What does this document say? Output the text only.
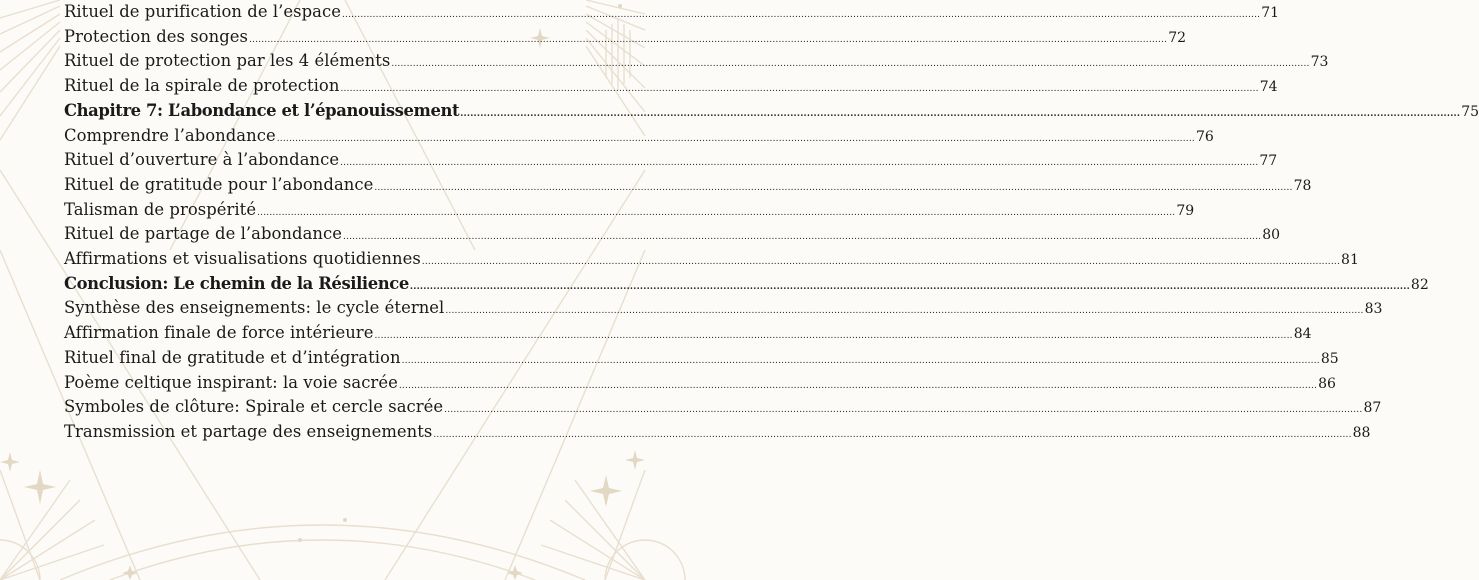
Rituel de purification de l’espace ............................................................................................................................................................................................................................................................................................................ 71
Protection des songes ............................................................................................................................................................................................................................................................................................................ 72
Rituel de protection par les 4 éléments ............................................................................................................................................................................................................................................................................................................ 73
Rituel de la spirale de protection ............................................................................................................................................................................................................................................................................................................ 74
Chapitre 7: L’abondance et l’épanouissement ............................................................................................................................................................................................................................................................................................................ 75
Comprendre l’abondance ............................................................................................................................................................................................................................................................................................................ 76
Rituel d’ouverture à l’abondance ............................................................................................................................................................................................................................................................................................................ 77
Rituel de gratitude pour l’abondance ............................................................................................................................................................................................................................................................................................................ 78
Talisman de prospérité ............................................................................................................................................................................................................................................................................................................ 79
Rituel de partage de l’abondance ............................................................................................................................................................................................................................................................................................................ 80
Affirmations et visualisations quotidiennes ............................................................................................................................................................................................................................................................................................................ 81
Conclusion: Le chemin de la Résilience ............................................................................................................................................................................................................................................................................................................ 82
Synthèse des enseignements: le cycle éternel ............................................................................................................................................................................................................................................................................................................ 83
Affirmation finale de force intérieure ............................................................................................................................................................................................................................................................................................................ 84
Rituel final de gratitude et d’intégration ............................................................................................................................................................................................................................................................................................................ 85
Poème celtique inspirant: la voie sacrée ............................................................................................................................................................................................................................................................................................................ 86
Symboles de clôture: Spirale et cercle sacrée ............................................................................................................................................................................................................................................................................................................ 87
Transmission et partage des enseignements ............................................................................................................................................................................................................................................................................................................ 88
